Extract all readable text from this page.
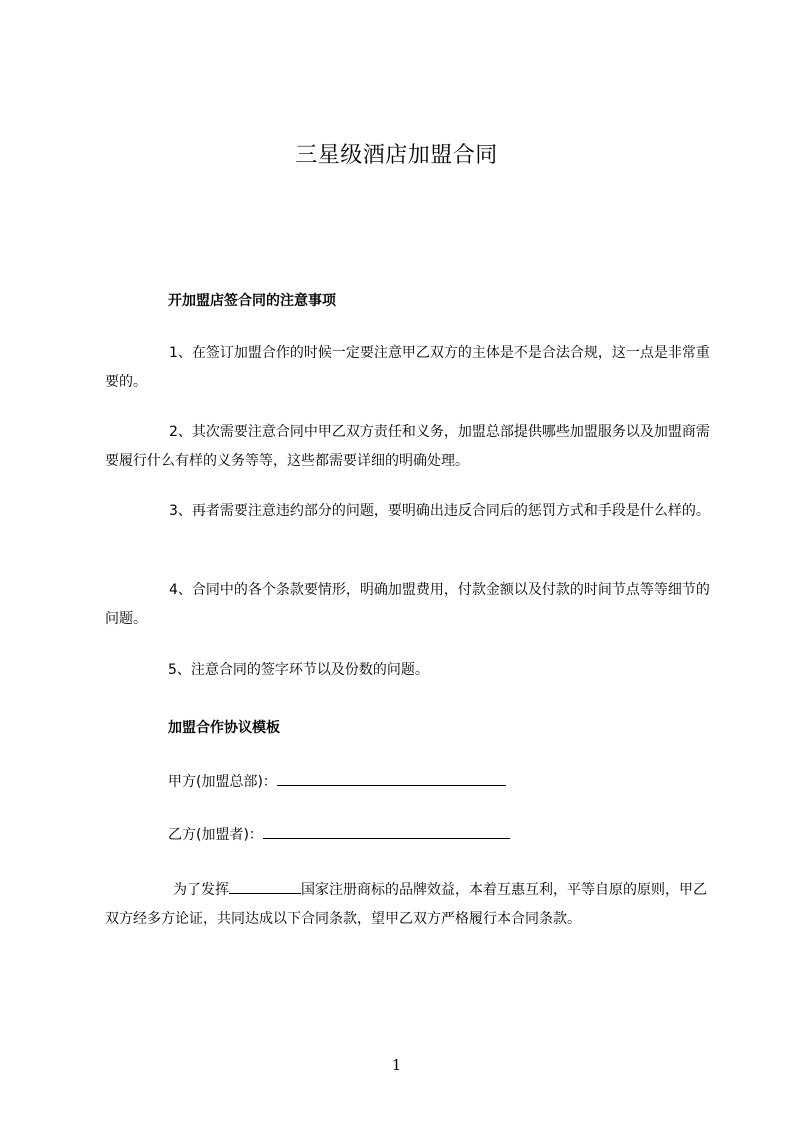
三星级酒店加盟合同
开加盟店签合同的注意事项

1、在签订加盟合作的时候一定要注意甲乙双方的主体是不是合法合规，这一点是非常重要的。

2、其次需要注意合同中甲乙双方责任和义务，加盟总部提供哪些加盟服务以及加盟商需要履行什么有样的义务等等，这些都需要详细的明确处理。

3、再者需要注意违约部分的问题，要明确出违反合同后的惩罚方式和手段是什么样的。

4、合同中的各个条款要情形，明确加盟费用，付款金额以及付款的时间节点等等细节的问题。

5、注意合同的签字环节以及份数的问题。

加盟合作协议模板
甲方(加盟总部)：
乙方(加盟者)：

为了发挥	国家注册商标的品牌效益，本着互惠互利，平等自原的原则，甲乙双方经多方论证，共同达成以下合同条款，望甲乙双方严格履行本合同条款。

1
